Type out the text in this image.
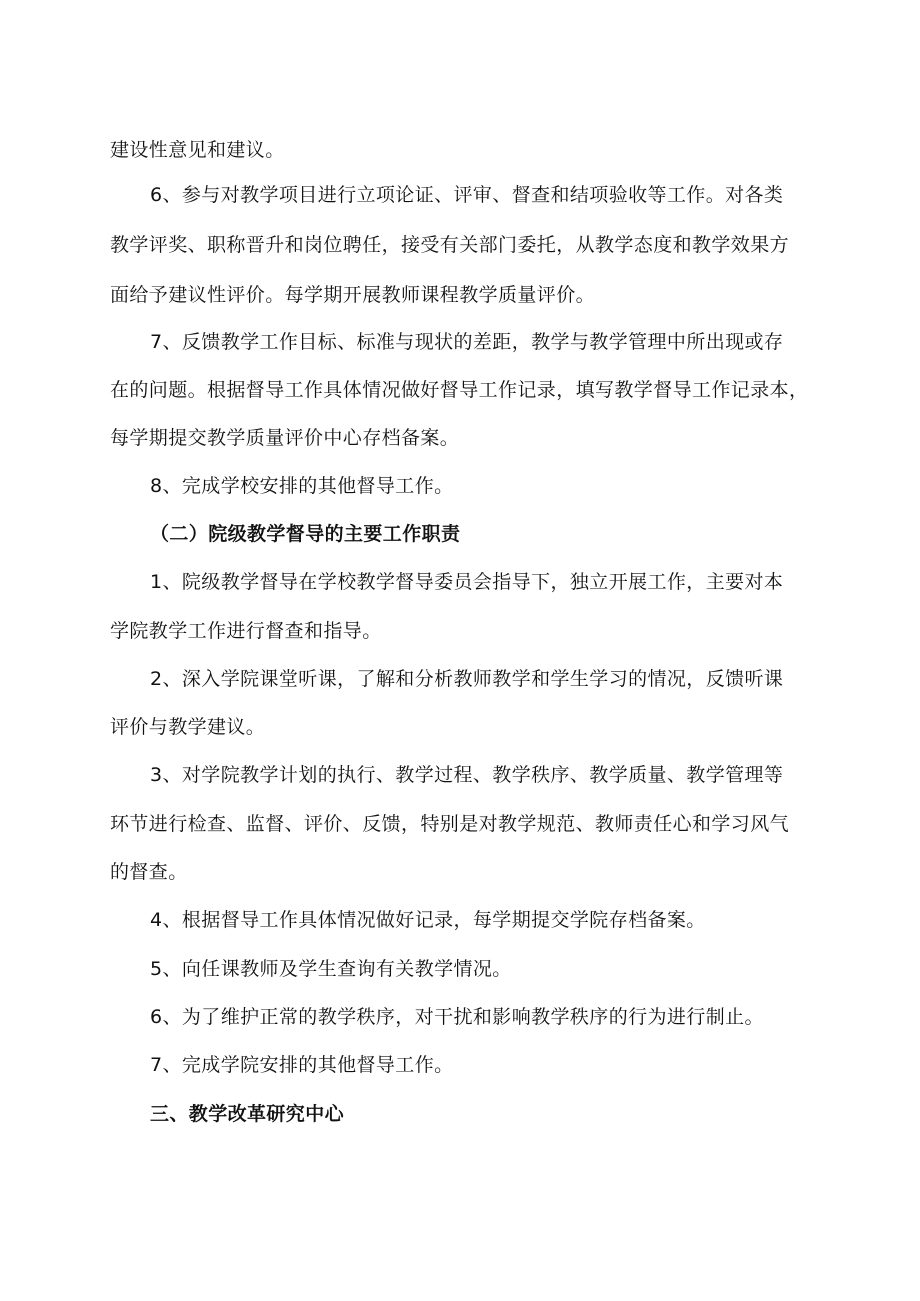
建设性意见和建议。
6、参与对教学项目进行立项论证、评审、督查和结项验收等工作。对各类
教学评奖、职称晋升和岗位聘任，接受有关部门委托，从教学态度和教学效果方
面给予建议性评价。每学期开展教师课程教学质量评价。
7、反馈教学工作目标、标准与现状的差距，教学与教学管理中所出现或存
在的问题。根据督导工作具体情况做好督导工作记录，填写教学督导工作记录本，
每学期提交教学质量评价中心存档备案。
8、完成学校安排的其他督导工作。
（二）院级教学督导的主要工作职责
1、院级教学督导在学校教学督导委员会指导下，独立开展工作，主要对本
学院教学工作进行督查和指导。
2、深入学院课堂听课，了解和分析教师教学和学生学习的情况，反馈听课
评价与教学建议。
3、对学院教学计划的执行、教学过程、教学秩序、教学质量、教学管理等
环节进行检查、监督、评价、反馈，特别是对教学规范、教师责任心和学习风气
的督查。
4、根据督导工作具体情况做好记录，每学期提交学院存档备案。
5、向任课教师及学生查询有关教学情况。
6、为了维护正常的教学秩序，对干扰和影响教学秩序的行为进行制止。
7、完成学院安排的其他督导工作。
三、教学改革研究中心
